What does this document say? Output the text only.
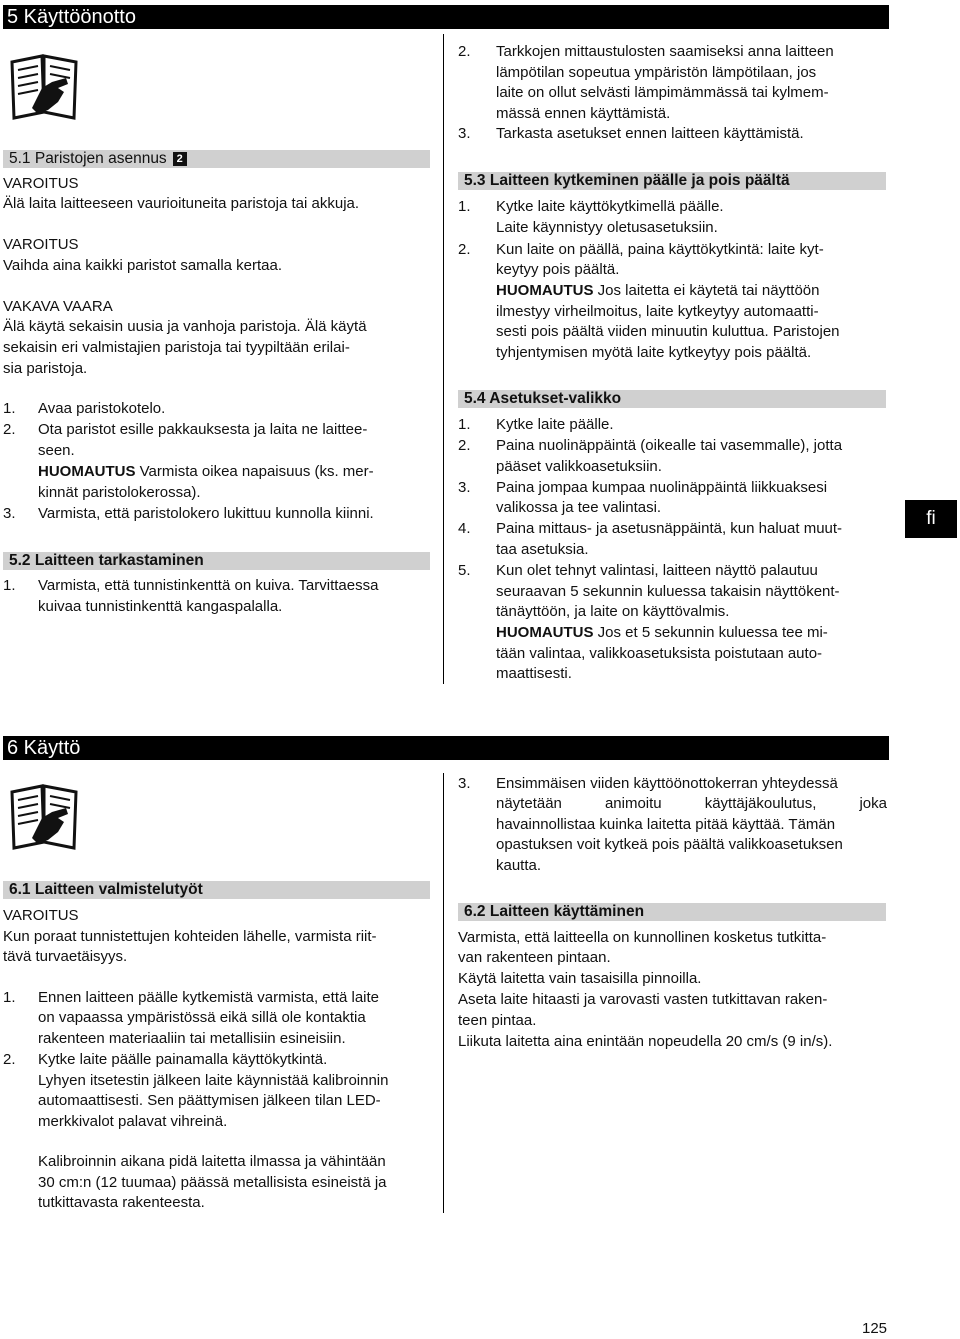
5 Käyttöönotto
5.1 Paristojen asennus 2
VAROITUS
Älä laita laitteeseen vaurioituneita paristoja tai akkuja.
VAROITUS
Vaihda aina kaikki paristot samalla kertaa.
VAKAVA VAARA
Älä käytä sekaisin uusia ja vanhoja paristoja. Älä käytä
sekaisin eri valmistajien paristoja tai tyypiltään erilai-
sia paristoja.
1. Avaa paristokotelo.
2. Ota paristot esille pakkauksesta ja laita ne laittee-
seen.
HUOMAUTUS Varmista oikea napaisuus (ks. mer-
kinnät paristolokerossa).
3. Varmista, että paristolokero lukittuu kunnolla kiinni.
5.2 Laitteen tarkastaminen
1. Varmista, että tunnistinkenttä on kuiva. Tarvittaessa
kuivaa tunnistinkenttä kangaspalalla.
2. Tarkkojen mittaustulosten saamiseksi anna laitteen
lämpötilan sopeutua ympäristön lämpötilaan, jos
laite on ollut selvästi lämpimämmässä tai kylmem-
mässä ennen käyttämistä.
3. Tarkasta asetukset ennen laitteen käyttämistä.
5.3 Laitteen kytkeminen päälle ja pois päältä
1. Kytke laite käyttökytkimellä päälle.
Laite käynnistyy oletusasetuksiin.
2. Kun laite on päällä, paina käyttökytkintä: laite kyt-
keytyy pois päältä.
HUOMAUTUS Jos laitetta ei käytetä tai näyttöön
ilmestyy virheilmoitus, laite kytkeytyy automaatti-
sesti pois päältä viiden minuutin kuluttua. Paristojen
tyhjentymisen myötä laite kytkeytyy pois päältä.
5.4 Asetukset-valikko
1. Kytke laite päälle.
2. Paina nuolinäppäintä (oikealle tai vasemmalle), jotta
pääset valikkoasetuksiin.
3. Paina jompaa kumpaa nuolinäppäintä liikkuaksesi
valikossa ja tee valintasi.
4. Paina mittaus- ja asetusnäppäintä, kun haluat muut-
taa asetuksia.
5. Kun olet tehnyt valintasi, laitteen näyttö palautuu
seuraavan 5 sekunnin kuluessa takaisin näyttökent-
tänäyttöön, ja laite on käyttövalmis.
HUOMAUTUS Jos et 5 sekunnin kuluessa tee mi-
tään valintaa, valikkoasetuksista poistutaan auto-
maattisesti.
fi
6 Käyttö
6.1 Laitteen valmistelutyöt
VAROITUS
Kun poraat tunnistettujen kohteiden lähelle, varmista riit-
tävä turvaetäisyys.
1. Ennen laitteen päälle kytkemistä varmista, että laite
on vapaassa ympäristössä eikä sillä ole kontaktia
rakenteen materiaaliin tai metallisiin esineisiin.
2. Kytke laite päälle painamalla käyttökytkintä.
Lyhyen itsetestin jälkeen laite käynnistää kalibroinnin
automaattisesti. Sen päättymisen jälkeen tilan LED-
merkkivalot palavat vihreinä.
Kalibroinnin aikana pidä laitetta ilmassa ja vähintään
30 cm:n (12 tuumaa) päässä metallisista esineistä ja
tutkittavasta rakenteesta.
3. Ensimmäisen viiden käyttöönottokerran yhteydessä
näytetään animoitu käyttäjäkoulutus, joka
havainnollistaa kuinka laitetta pitää käyttää. Tämän
opastuksen voit kytkeä pois päältä valikkoasetuksen
kautta.
6.2 Laitteen käyttäminen
Varmista, että laitteella on kunnollinen kosketus tutkitta-
van rakenteen pintaan.
Käytä laitetta vain tasaisilla pinnoilla.
Aseta laite hitaasti ja varovasti vasten tutkittavan raken-
teen pintaa.
Liikuta laitetta aina enintään nopeudella 20 cm/s (9 in/s).
125
